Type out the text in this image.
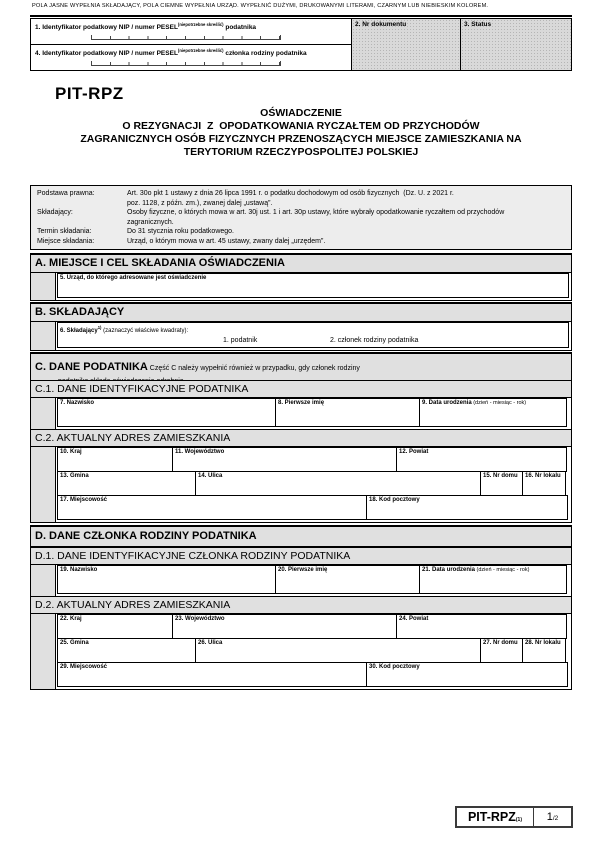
POLA JASNE WYPEŁNIA SKŁADAJĄCY, POLA CIEMNE WYPEŁNIA URZĄD. WYPEŁNIĆ DUŻYMI, DRUKOWANYMI LITERAMI, CZARNYM LUB NIEBIESKIM KOLOREM.
1. Identyfikator podatkowy NIP / numer $PESEL^{(niepotrzebne skreślić)}$ podatnika
4. Identyfikator podatkowy NIP / numer $PESEL^{(niepotrzebne skreślić)}$ członka rodziny podatnika
2. Nr dokumentu	3. Status
PIT-RPZ
OŚWIADCZENIE
O REZYGNACJI  Z  OPODATKOWANIA RYCZAŁTEM OD PRZYCHODÓW
ZAGRANICZNYCH OSÓB FIZYCZNYCH PRZENOSZĄCYCH MIEJSCE ZAMIESZKANIA NA
TERYTORIUM RZECZYPOSPOLITEJ POLSKIEJ
Podstawa prawna:	Art. 30o pkt 1 ustawy z dnia 26 lipca 1991 r. o podatku dochodowym od osób fizycznych  (Dz. U. z 2021 r.
poz. 1128, z późn. zm.), zwanej dalej „ustawą”.
Składający:	Osoby fizyczne, o których mowa w art. 30j ust. 1 i art. 30p ustawy, które wybrały opodatkowanie ryczałtem od przychodów
zagranicznych.
Termin składania:	Do 31 stycznia roku podatkowego.
Miejsce składania:	Urząd, o którym mowa w art. 45 ustawy, zwany dalej „urzędem”.
A. MIEJSCE I CEL SKŁADANIA OŚWIADCZENIA
5. Urząd, do którego adresowane jest oświadczenie
B. SKŁADAJĄCY
6. Składający$^{1)}$ (zaznaczyć właściwe kwadraty):
1. podatnik	2. członek rodziny podatnika
C. DANE PODATNIKA Część C należy wypełnić również w przypadku, gdy członek rodziny
C.1. DANE IDENTYFIKACYJNE PODATNIKA
7. Nazwisko	8. Pierwsze imię	9. Data urodzenia (dzień - miesiąc - rok)
C.2. AKTUALNY ADRES ZAMIESZKANIA
10. Kraj	11. Województwo	12. Powiat
13. Gmina	14. Ulica	15. Nr domu	16. Nr lokalu
17. Miejscowość	18. Kod pocztowy
D. DANE CZŁONKA RODZINY PODATNIKA
D.1. DANE IDENTYFIKACYJNE CZŁONKA RODZINY PODATNIKA
19. Nazwisko	20. Pierwsze imię	21. Data urodzenia (dzień - miesiąc - rok)
D.2. AKTUALNY ADRES ZAMIESZKANIA
22. Kraj	23. Województwo	24. Powiat
25. Gmina	26. Ulica	27. Nr domu	28. Nr lokalu
29. Miejscowość	30. Kod pocztowy
PIT-RPZ(1)	1/2
